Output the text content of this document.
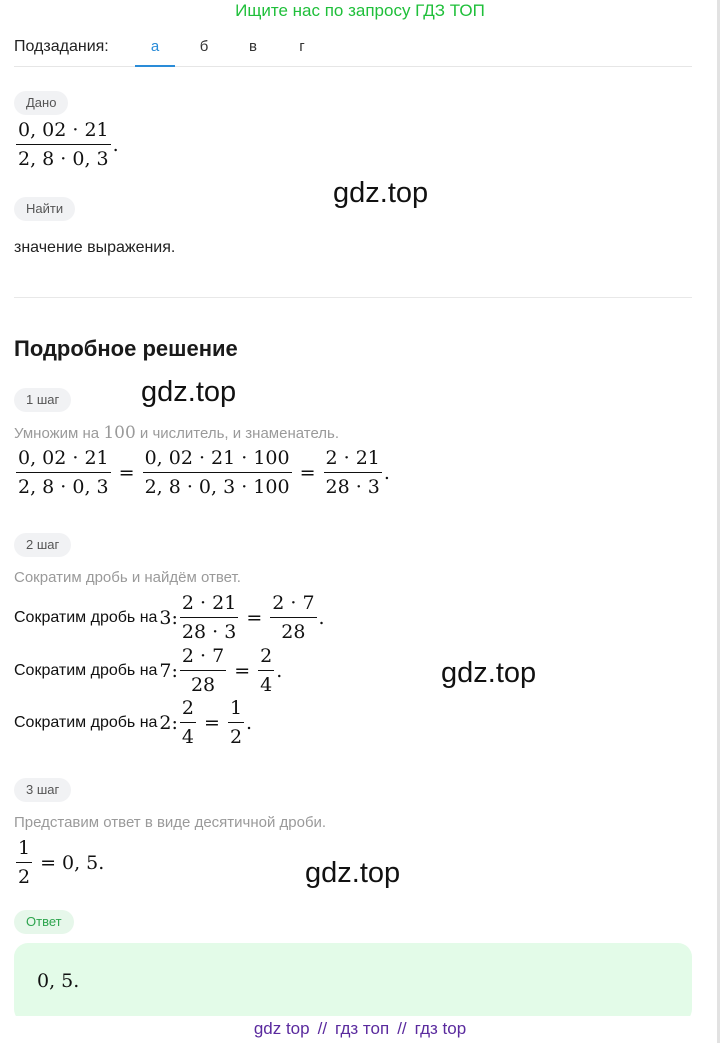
Ищите нас по запросу ГДЗ ТОП
Подзадания:	а	б	в	г
Дано
$\frac{0, 02 \cdot 21}{2, 8 \cdot 0, 3}$ .
gdz.top
Найти
значение выражения.
Подробное решение
1 шаг	gdz.top
Умножим на 100 и числитель, и знаменатель.
$\frac{0, 02 \cdot 21}{2, 8 \cdot 0, 3} = \frac{0, 02 \cdot 21 \cdot 100}{2, 8 \cdot 0, 3 \cdot 100} = \frac{2 \cdot 21}{28 \cdot 3}$ .
2 шаг
Сократим дробь и найдём ответ.
Сократим дробь на 3: $\frac{2 \cdot 21}{28 \cdot 3} = \frac{2 \cdot 7}{28}$ .
Сократим дробь на 7: $\frac{2 \cdot 7}{28} = \frac{2}{4}$ .	gdz.top
Сократим дробь на 2: $\frac{2}{4} = \frac{1}{2}$ .
3 шаг
Представим ответ в виде десятичной дроби.
$\frac{1}{2} = 0$, 5.	gdz.top
Ответ
0, 5.
gdz top // гдз топ // гдз top
